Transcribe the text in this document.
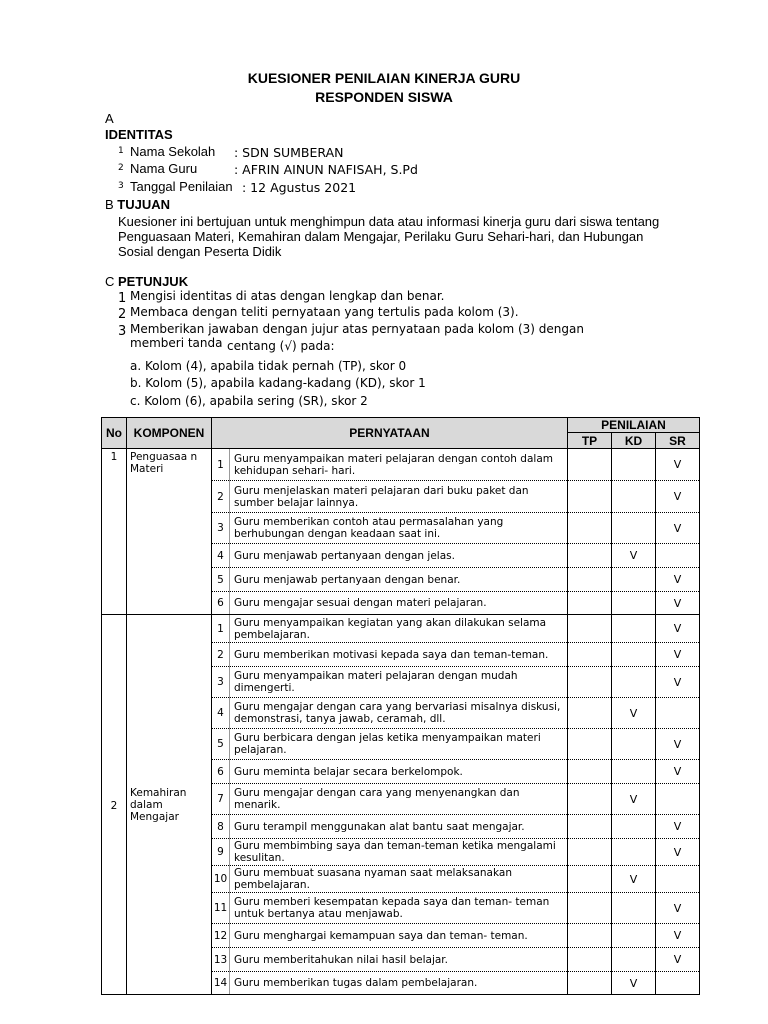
KUESIONER PENILAIAN KINERJA GURU
RESPONDEN SISWA
A
IDENTITAS
1 Nama Sekolah : SDN SUMBERAN
2 Nama Guru	: AFRIN AINUN NAFISAH, S.Pd
3 Tanggal Penilaian : 12 Agustus 2021
B TUJUAN
Kuesioner ini bertujuan untuk menghimpun data atau informasi kinerja guru dari siswa tentang Penguasaan Materi, Kemahiran dalam Mengajar, Perilaku Guru Sehari-hari, dan Hubungan Sosial dengan Peserta Didik
C PETUNJUK
1 Mengisi identitas di atas dengan lengkap dan benar.
2 Membaca dengan teliti pernyataan yang tertulis pada kolom (3).
3 Memberikan jawaban dengan jujur atas pernyataan pada kolom (3) dengan
memberi tanda centang (√) pada:
a. Kolom (4), apabila tidak pernah (TP), skor 0
b. Kolom (5), apabila kadang-kadang (KD), skor 1
c. Kolom (6), apabila sering (SR), skor 2
No	KOMPONEN	PERNYATAAN		PENILAIAN		
				TP	KD	SR
1	Penguasaa n Materi	1	Guru menyampaikan materi pelajaran dengan contoh dalam kehidupan sehari- hari.			V
		2	Guru menjelaskan materi pelajaran dari buku paket dan sumber belajar lainnya.			V
		3	Guru memberikan contoh atau permasalahan yang berhubungan dengan keadaan saat ini.			V
		4	Guru menjawab pertanyaan dengan jelas.		V	
		5	Guru menjawab pertanyaan dengan benar.			V
		6	Guru mengajar sesuai dengan materi pelajaran.			V
2	Kemahiran dalam Mengajar	1	Guru menyampaikan kegiatan yang akan dilakukan selama pembelajaran.			V
		2	Guru memberikan motivasi kepada saya dan teman-teman.			V
		3	Guru menyampaikan materi pelajaran dengan mudah dimengerti.			V
		4	Guru mengajar dengan cara yang bervariasi misalnya diskusi, demonstrasi, tanya jawab, ceramah, dll.		V	
		5	Guru berbicara dengan jelas ketika menyampaikan materi pelajaran.			V
		6	Guru meminta belajar secara berkelompok.			V
		7	Guru mengajar dengan cara yang menyenangkan dan menarik.		V	
		8	Guru terampil menggunakan alat bantu saat mengajar.			V
		9	Guru membimbing saya dan teman-teman ketika mengalami kesulitan.			V
		10	Guru membuat suasana nyaman saat melaksanakan pembelajaran.		V	
		11	Guru memberi kesempatan kepada saya dan teman- teman untuk bertanya atau menjawab.			V
		12	Guru menghargai kemampuan saya dan teman- teman.			V
		13	Guru memberitahukan nilai hasil belajar.			V
		14	Guru memberikan tugas dalam pembelajaran.		V	
